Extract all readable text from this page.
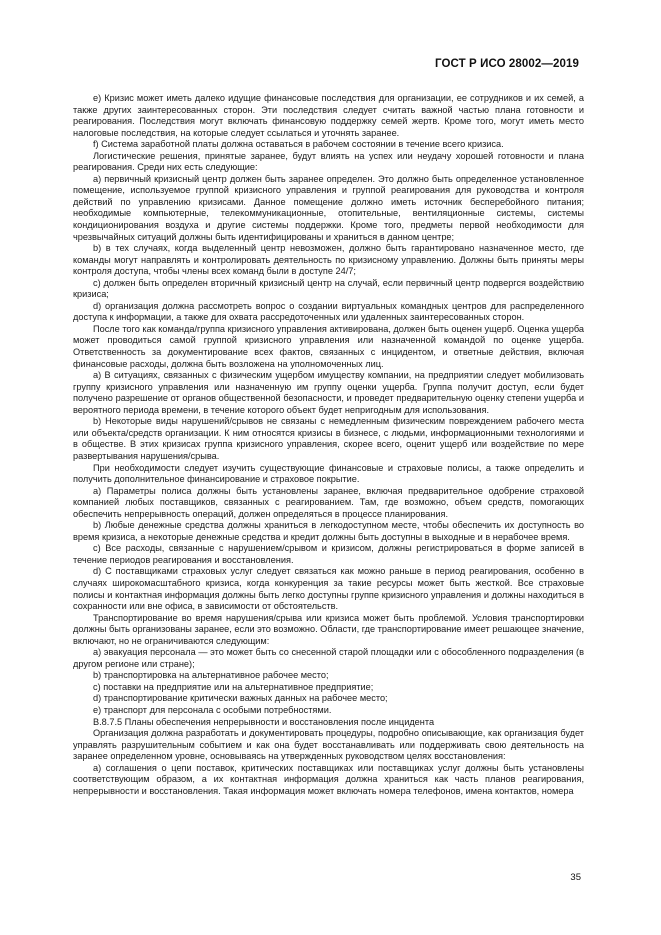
ГОСТ Р ИСО 28002—2019

e) Кризис может иметь далеко идущие финансовые последствия для организации, ее сотрудников и их семей, а также других заинтересованных сторон. Эти последствия следует считать важной частью плана готовности и реагирования. Последствия могут включать финансовую поддержку семей жертв. Кроме того, могут иметь место налоговые последствия, на которые следует ссылаться и уточнять заранее.

f) Система заработной платы должна оставаться в рабочем состоянии в течение всего кризиса.

Логистические решения, принятые заранее, будут влиять на успех или неудачу хорошей готовности и плана реагирования. Среди них есть следующие:

a) первичный кризисный центр должен быть заранее определен. Это должно быть определенное установленное помещение, используемое группой кризисного управления и группой реагирования для руководства и контроля действий по управлению кризисами. Данное помещение должно иметь источник бесперебойного питания; необходимые компьютерные, телекоммуникационные, отопительные, вентиляционные системы, системы кондиционирования воздуха и другие системы поддержки. Кроме того, предметы первой необходимости для чрезвычайных ситуаций должны быть идентифицированы и храниться в данном центре;

b) в тех случаях, когда выделенный центр невозможен, должно быть гарантировано назначенное место, где команды могут направлять и контролировать деятельность по кризисному управлению. Должны быть приняты меры контроля доступа, чтобы члены всех команд были в доступе 24/7;

c) должен быть определен вторичный кризисный центр на случай, если первичный центр подвергся воздействию кризиса;

d) организация должна рассмотреть вопрос о создании виртуальных командных центров для распределенного доступа к информации, а также для охвата рассредоточенных или удаленных заинтересованных сторон.

После того как команда/группа кризисного управления активирована, должен быть оценен ущерб. Оценка ущерба может проводиться самой группой кризисного управления или назначенной командой по оценке ущерба. Ответственность за документирование всех фактов, связанных с инцидентом, и ответные действия, включая финансовые расходы, должна быть возложена на уполномоченных лиц.

a) В ситуациях, связанных с физическим ущербом имуществу компании, на предприятии следует мобилизовать группу кризисного управления или назначенную им группу оценки ущерба. Группа получит доступ, если будет получено разрешение от органов общественной безопасности, и проведет предварительную оценку степени ущерба и вероятного периода времени, в течение которого объект будет непригодным для использования.

b) Некоторые виды нарушений/срывов не связаны с немедленным физическим повреждением рабочего места или объекта/средств организации. К ним относятся кризисы в бизнесе, с людьми, информационными технологиями и в обществе. В этих кризисах группа кризисного управления, скорее всего, оценит ущерб или воздействие по мере развертывания нарушения/срыва.

При необходимости следует изучить существующие финансовые и страховые полисы, а также определить и получить дополнительное финансирование и страховое покрытие.

a) Параметры полиса должны быть установлены заранее, включая предварительное одобрение страховой компанией любых поставщиков, связанных с реагированием. Там, где возможно, объем средств, помогающих обеспечить непрерывность операций, должен определяться в процессе планирования.

b) Любые денежные средства должны храниться в легкодоступном месте, чтобы обеспечить их доступность во время кризиса, а некоторые денежные средства и кредит должны быть доступны в выходные и в нерабочее время.

c) Все расходы, связанные с нарушением/срывом и кризисом, должны регистрироваться в форме записей в течение периодов реагирования и восстановления.

d) С поставщиками страховых услуг следует связаться как можно раньше в период реагирования, особенно в случаях широкомасштабного кризиса, когда конкуренция за такие ресурсы может быть жесткой. Все страховые полисы и контактная информация должны быть легко доступны группе кризисного управления и должны находиться в сохранности или вне офиса, в зависимости от обстоятельств.

Транспортирование во время нарушения/срыва или кризиса может быть проблемой. Условия транспортировки должны быть организованы заранее, если это возможно. Области, где транспортирование имеет решающее значение, включают, но не ограничиваются следующим:

a) эвакуация персонала — это может быть со снесенной старой площадки или с обособленного подразделения (в другом регионе или стране);

b) транспортировка на альтернативное рабочее место;

c) поставки на предприятие или на альтернативное предприятие;

d) транспортирование критически важных данных на рабочее место;

e) транспорт для персонала с особыми потребностями.

В.8.7.5 Планы обеспечения непрерывности и восстановления после инцидента

Организация должна разработать и документировать процедуры, подробно описывающие, как организация будет управлять разрушительным событием и как она будет восстанавливать или поддерживать свою деятельность на заранее определенном уровне, основываясь на утвержденных руководством целях восстановления:

a) соглашения о цепи поставок, критических поставщиках или поставщиках услуг должны быть установлены соответствующим образом, а их контактная информация должна храниться как часть планов реагирования, непрерывности и восстановления. Такая информация может включать номера телефонов, имена контактов, номера

35
